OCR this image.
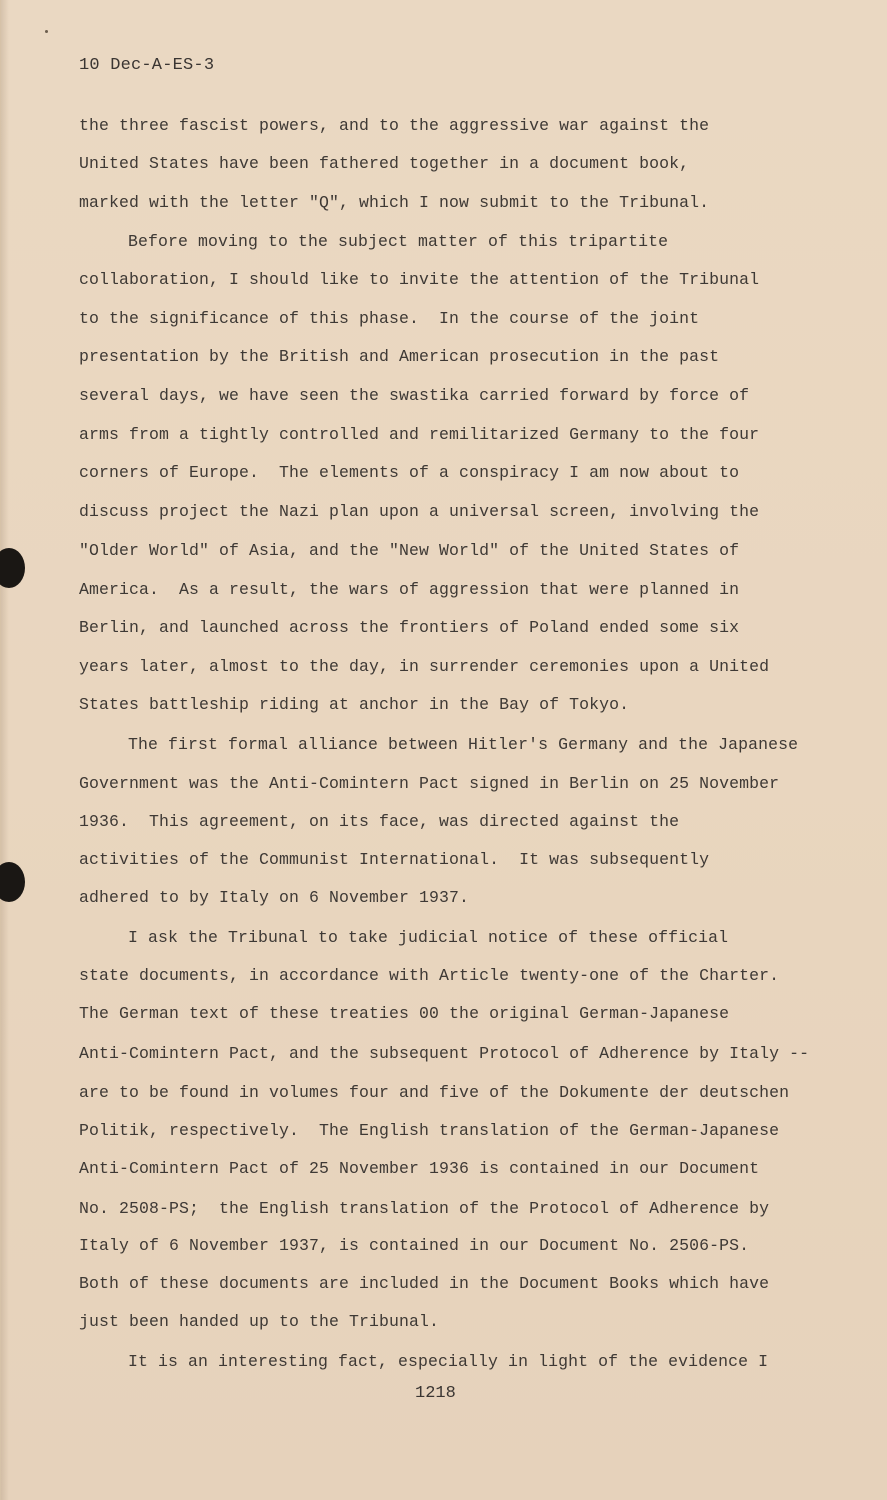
10 Dec-A-ES-3
the three fascist powers, and to the aggressive war against the
United States have been fathered together in a document book,
marked with the letter "Q", which I now submit to the Tribunal.
Before moving to the subject matter of this tripartite
collaboration, I should like to invite the attention of the Tribunal
to the significance of this phase.  In the course of the joint
presentation by the British and American prosecution in the past
several days, we have seen the swastika carried forward by force of
arms from a tightly controlled and remilitarized Germany to the four
corners of Europe.  The elements of a conspiracy I am now about to
discuss project the Nazi plan upon a universal screen, involving the
"Older World" of Asia, and the "New World" of the United States of
America.  As a result, the wars of aggression that were planned in
Berlin, and launched across the frontiers of Poland ended some six
years later, almost to the day, in surrender ceremonies upon a United
States battleship riding at anchor in the Bay of Tokyo.
The first formal alliance between Hitler's Germany and the Japanese
Government was the Anti-Comintern Pact signed in Berlin on 25 November
1936.  This agreement, on its face, was directed against the
activities of the Communist International.  It was subsequently
adhered to by Italy on 6 November 1937.
I ask the Tribunal to take judicial notice of these official
state documents, in accordance with Article twenty-one of the Charter.
The German text of these treaties 00 the original German-Japanese
Anti-Comintern Pact, and the subsequent Protocol of Adherence by Italy --
are to be found in volumes four and five of the Dokumente der deutschen
Politik, respectively.  The English translation of the German-Japanese
Anti-Comintern Pact of 25 November 1936 is contained in our Document
No. 2508-PS;  the English translation of the Protocol of Adherence by
Italy of 6 November 1937, is contained in our Document No. 2506-PS.
Both of these documents are included in the Document Books which have
just been handed up to the Tribunal.
It is an interesting fact, especially in light of the evidence I
1218
